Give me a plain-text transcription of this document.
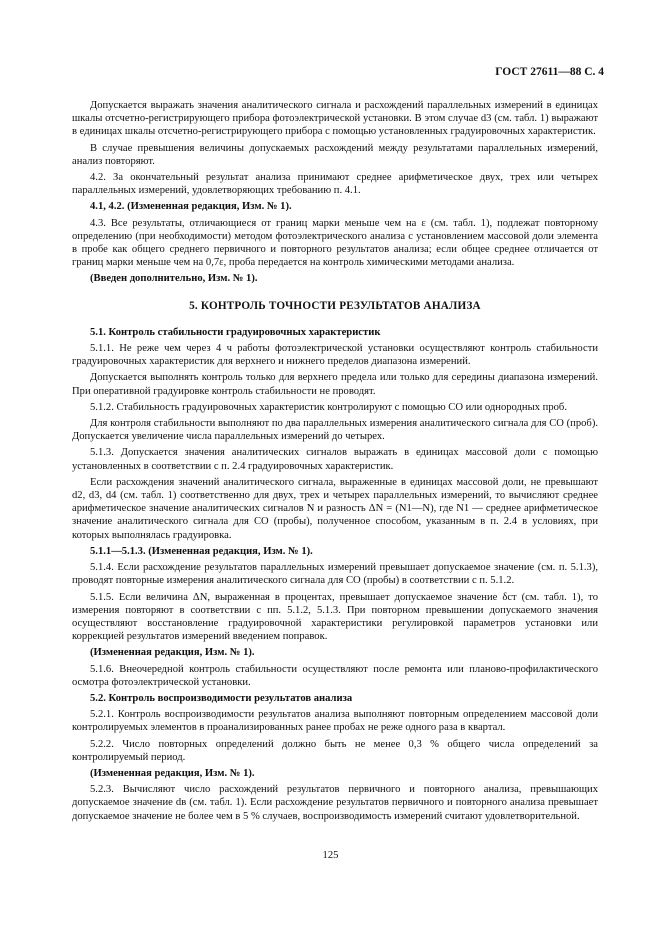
ГОСТ 27611—88 С. 4

Допускается выражать значения аналитического сигнала и расхождений параллельных измерений в единицах шкалы отсчетно-регистрирующего прибора фотоэлектрической установки. В этом случае d3 (см. табл. 1) выражают в единицах шкалы отсчетно-регистрирующего прибора с помощью установленных градуировочных характеристик.

В случае превышения величины допускаемых расхождений между результатами параллельных измерений, анализ повторяют.

4.2. За окончательный результат анализа принимают среднее арифметическое двух, трех или четырех параллельных измерений, удовлетворяющих требованию п. 4.1.

4.1, 4.2. (Измененная редакция, Изм. № 1).

4.3. Все результаты, отличающиеся от границ марки меньше чем на ε (см. табл. 1), подлежат повторному определению (при необходимости) методом фотоэлектрического анализа с установлением массовой доли элемента в пробе как общего среднего первичного и повторного результатов анализа; если общее среднее отличается от границ марки меньше чем на 0,7ε, проба передается на контроль химическими методами анализа.

(Введен дополнительно, Изм. № 1).

5. КОНТРОЛЬ ТОЧНОСТИ РЕЗУЛЬТАТОВ АНАЛИЗА

5.1. Контроль стабильности градуировочных характеристик

5.1.1. Не реже чем через 4 ч работы фотоэлектрической установки осуществляют контроль стабильности градуировочных характеристик для верхнего и нижнего пределов диапазона измерений.

Допускается выполнять контроль только для верхнего предела или только для середины диапазона измерений. При оперативной градуировке контроль стабильности не проводят.

5.1.2. Стабильность градуировочных характеристик контролируют с помощью СО или однородных проб.

Для контроля стабильности выполняют по два параллельных измерения аналитического сигнала для СО (проб). Допускается увеличение числа параллельных измерений до четырех.

5.1.3. Допускается значения аналитических сигналов выражать в единицах массовой доли с помощью установленных в соответствии с п. 2.4 градуировочных характеристик.

Если расхождения значений аналитического сигнала, выраженные в единицах массовой доли, не превышают d2, d3, d4 (см. табл. 1) соответственно для двух, трех и четырех параллельных измерений, то вычисляют среднее арифметическое значение аналитических сигналов N и разность ΔN = (N1—N), где N1 — среднее арифметическое значение аналитического сигнала для СО (пробы), полученное способом, указанным в п. 2.4 в условиях, при которых выполнялась градуировка.

5.1.1—5.1.3. (Измененная редакция, Изм. № 1).

5.1.4. Если расхождение результатов параллельных измерений превышает допускаемое значение (см. п. 5.1.3), проводят повторные измерения аналитического сигнала для СО (пробы) в соответствии с п. 5.1.2.

5.1.5. Если величина ΔN, выраженная в процентах, превышает допускаемое значение δст (см. табл. 1), то измерения повторяют в соответствии с пп. 5.1.2, 5.1.3. При повторном превышении допускаемого значения осуществляют восстановление градуировочной характеристики регулировкой параметров установки или коррекцией результатов измерений введением поправок.

(Измененная редакция, Изм. № 1).

5.1.6. Внеочередной контроль стабильности осуществляют после ремонта или планово-профилактического осмотра фотоэлектрической установки.

5.2. Контроль воспроизводимости результатов анализа

5.2.1. Контроль воспроизводимости результатов анализа выполняют повторным определением массовой доли контролируемых элементов в проанализированных ранее пробах не реже одного раза в квартал.

5.2.2. Число повторных определений должно быть не менее 0,3 % общего числа определений за контролируемый период.

(Измененная редакция, Изм. № 1).

5.2.3. Вычисляют число расхождений результатов первичного и повторного анализа, превышающих допускаемое значение dв (см. табл. 1). Если расхождение результатов первичного и повторного анализа превышает допускаемое значение не более чем в 5 % случаев, воспроизводимость измерений считают удовлетворительной.

125
